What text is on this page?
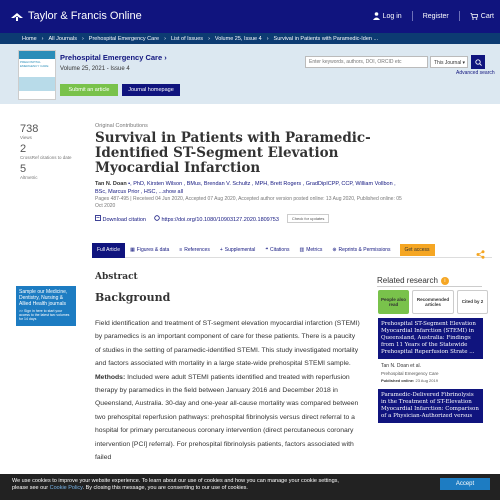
Taylor & Francis Online	Log in	Register	Cart
Home › All Journals › Prehospital Emergency Care › List of Issues › Volume 25, Issue 4 › Survival in Patients with Paramedic-Iden ...
PREHOSPITAL EMERGENCY CARE
Prehospital Emergency Care ›
Volume 25, 2021 - Issue 4
Submit an article	Journal homepage
Enter keywords, authors, DOI, ORCID etc
This Journal ▾
Advanced search
738
Views
2
CrossRef citations to date
5
Altmetric
Original Contributions
Survival in Patients with Paramedic-Identified ST-Segment Elevation Myocardial Infarction
Tan N. Doan ▪, PhD, Kirsten Wilson , BMus, Brendan V. Schultz , MPH, Brett Rogers , GradDipICPP, CCP, William Vollbon , BSc, Marcus Prior , HSC, ...show all
Pages 487-495 | Received 04 Jun 2020, Accepted 07 Aug 2020, Accepted author version posted online: 13 Aug 2020, Published online: 05 Oct 2020
Download citation	https://doi.org/10.1080/10903127.2020.1809753	Check for updates
Full Article ▦ Figures & data ≡ References + Supplemental ❝ Citations ▥ Metrics ⊕ Reprints & Permissions	Get access
Sample our Medicine, Dentistry, Nursing & Allied Health journals
>> Sign in here to start your access to the latest two volumes for 14 days
Abstract
Background
Field identification and treatment of ST-segment elevation myocardial infarction (STEMI) by paramedics is an important component of care for these patients. There is a paucity of studies in the setting of paramedic-identified STEMI. This study investigated mortality and factors associated with mortality in a large state-wide prehospital STEMI sample. Methods: Included were adult STEMI patients identified and treated with reperfusion therapy by paramedics in the field between January 2016 and December 2018 in Queensland, Australia. 30-day and one-year all-cause mortality was compared between two prehospital reperfusion pathways: prehospital fibrinolysis versus direct referral to a hospital for primary percutaneous coronary intervention (direct percutaneous coronary intervention [PCI] referral). For prehospital fibrinolysis patients, factors associated with failed
Related research	i
People also read
Recommended articles
Cited by 2
Prehospital ST-Segment Elevation Myocardial Infarction (STEMI) in Queensland, Australia: Findings from 11 Years of the Statewide Prehospital Reperfusion Strate ...
Tan N. Doan et al.
Prehospital Emergency Care
Published online: 23 Aug 2019
Paramedic-Delivered Fibrinolysis in the Treatment of ST-Elevation Myocardial Infarction: Comparison of a Physician-Authorized versus
We use cookies to improve your website experience. To learn about our use of cookies and how you can manage your cookie settings,
please see our Cookie Policy. By closing this message, you are consenting to our use of cookies.
Accept
